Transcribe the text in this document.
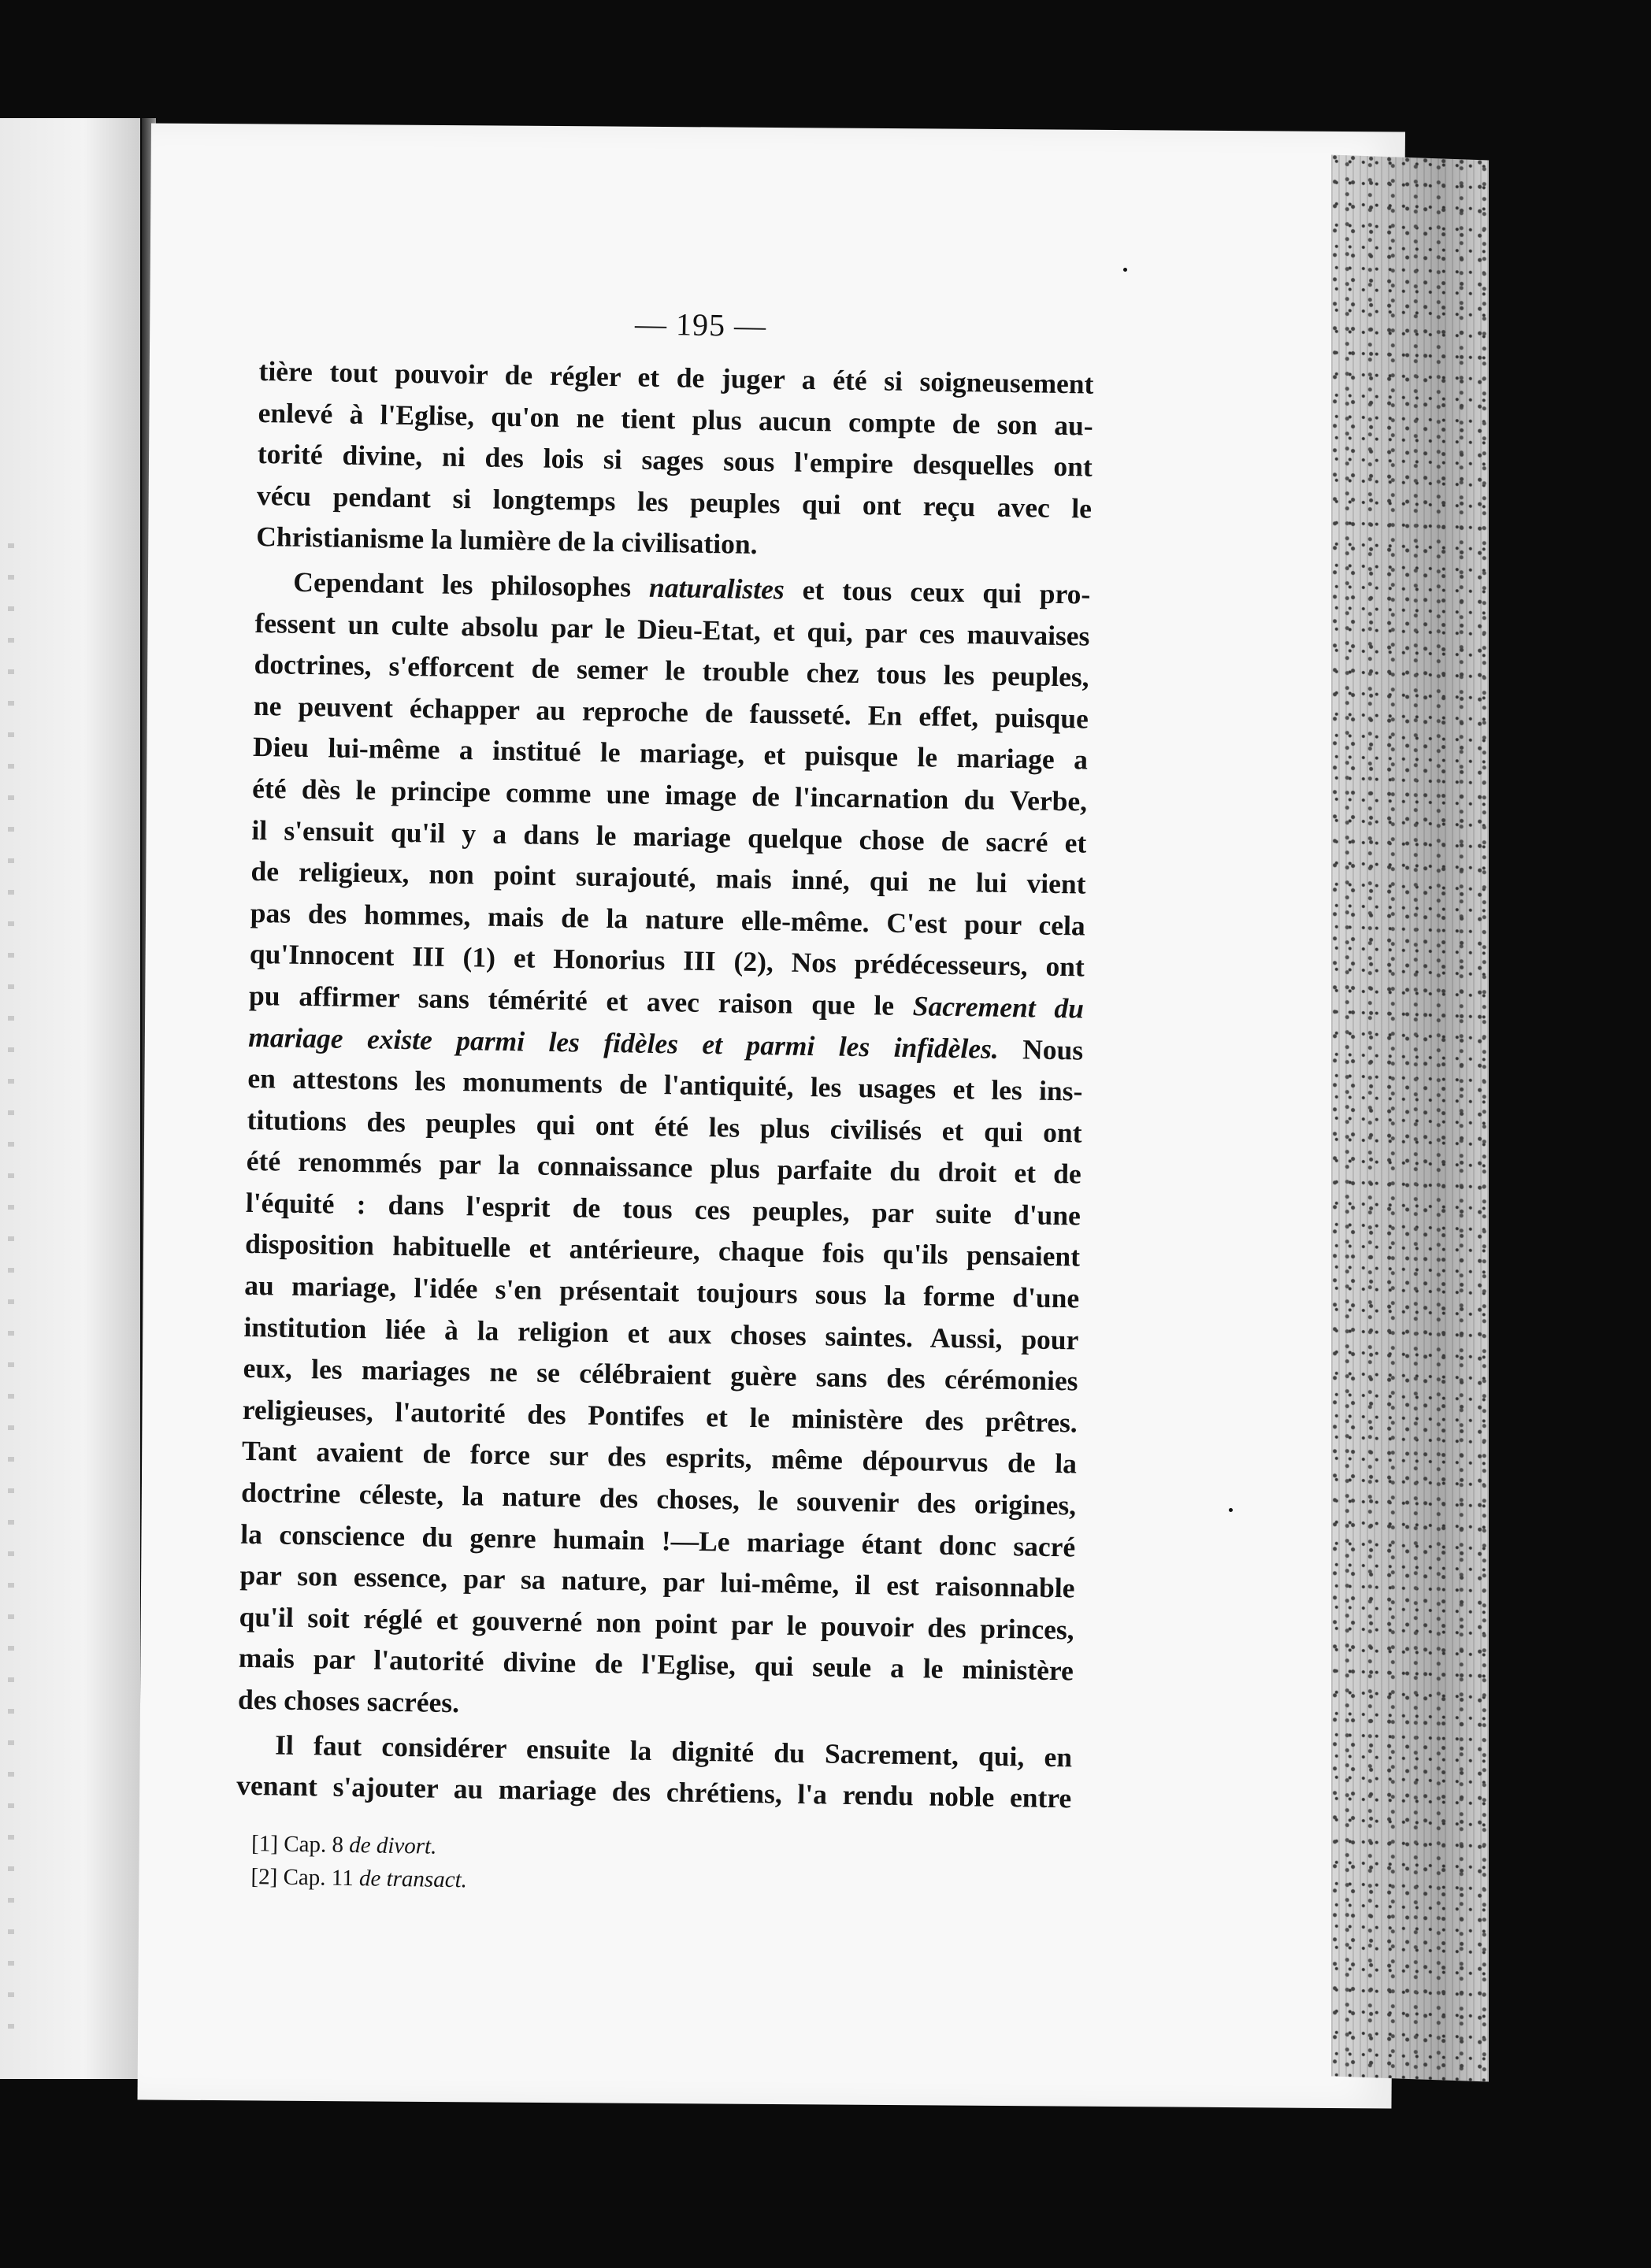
— 195 —

tière tout pouvoir de régler et de juger a été si soigneusement
enlevé à l'Eglise, qu'on ne tient plus aucun compte de son au-
torité divine, ni des lois si sages sous l'empire desquelles ont
vécu pendant si longtemps les peuples qui ont reçu avec le
Christianisme la lumière de la civilisation.

Cependant les philosophes naturalistes et tous ceux qui pro-
fessent un culte absolu par le Dieu-Etat, et qui, par ces mauvaises
doctrines, s'efforcent de semer le trouble chez tous les peuples,
ne peuvent échapper au reproche de fausseté. En effet, puisque
Dieu lui-même a institué le mariage, et puisque le mariage a
été dès le principe comme une image de l'incarnation du Verbe,
il s'ensuit qu'il y a dans le mariage quelque chose de sacré et
de religieux, non point surajouté, mais inné, qui ne lui vient
pas des hommes, mais de la nature elle-même. C'est pour cela
qu'Innocent III (1) et Honorius III (2), Nos prédécesseurs, ont
pu affirmer sans témérité et avec raison que le Sacrement du
mariage existe parmi les fidèles et parmi les infidèles. Nous
en attestons les monuments de l'antiquité, les usages et les ins-
titutions des peuples qui ont été les plus civilisés et qui ont
été renommés par la connaissance plus parfaite du droit et de
l'équité : dans l'esprit de tous ces peuples, par suite d'une
disposition habituelle et antérieure, chaque fois qu'ils pensaient
au mariage, l'idée s'en présentait toujours sous la forme d'une
institution liée à la religion et aux choses saintes. Aussi, pour
eux, les mariages ne se célébraient guère sans des cérémonies
religieuses, l'autorité des Pontifes et le ministère des prêtres.
Tant avaient de force sur des esprits, même dépourvus de la
doctrine céleste, la nature des choses, le souvenir des origines,
la conscience du genre humain !—Le mariage étant donc sacré
par son essence, par sa nature, par lui-même, il est raisonnable
qu'il soit réglé et gouverné non point par le pouvoir des princes,
mais par l'autorité divine de l'Eglise, qui seule a le ministère
des choses sacrées.

Il faut considérer ensuite la dignité du Sacrement, qui, en
venant s'ajouter au mariage des chrétiens, l'a rendu noble entre

[1] Cap. 8 de divort.
[2] Cap. 11 de transact.
